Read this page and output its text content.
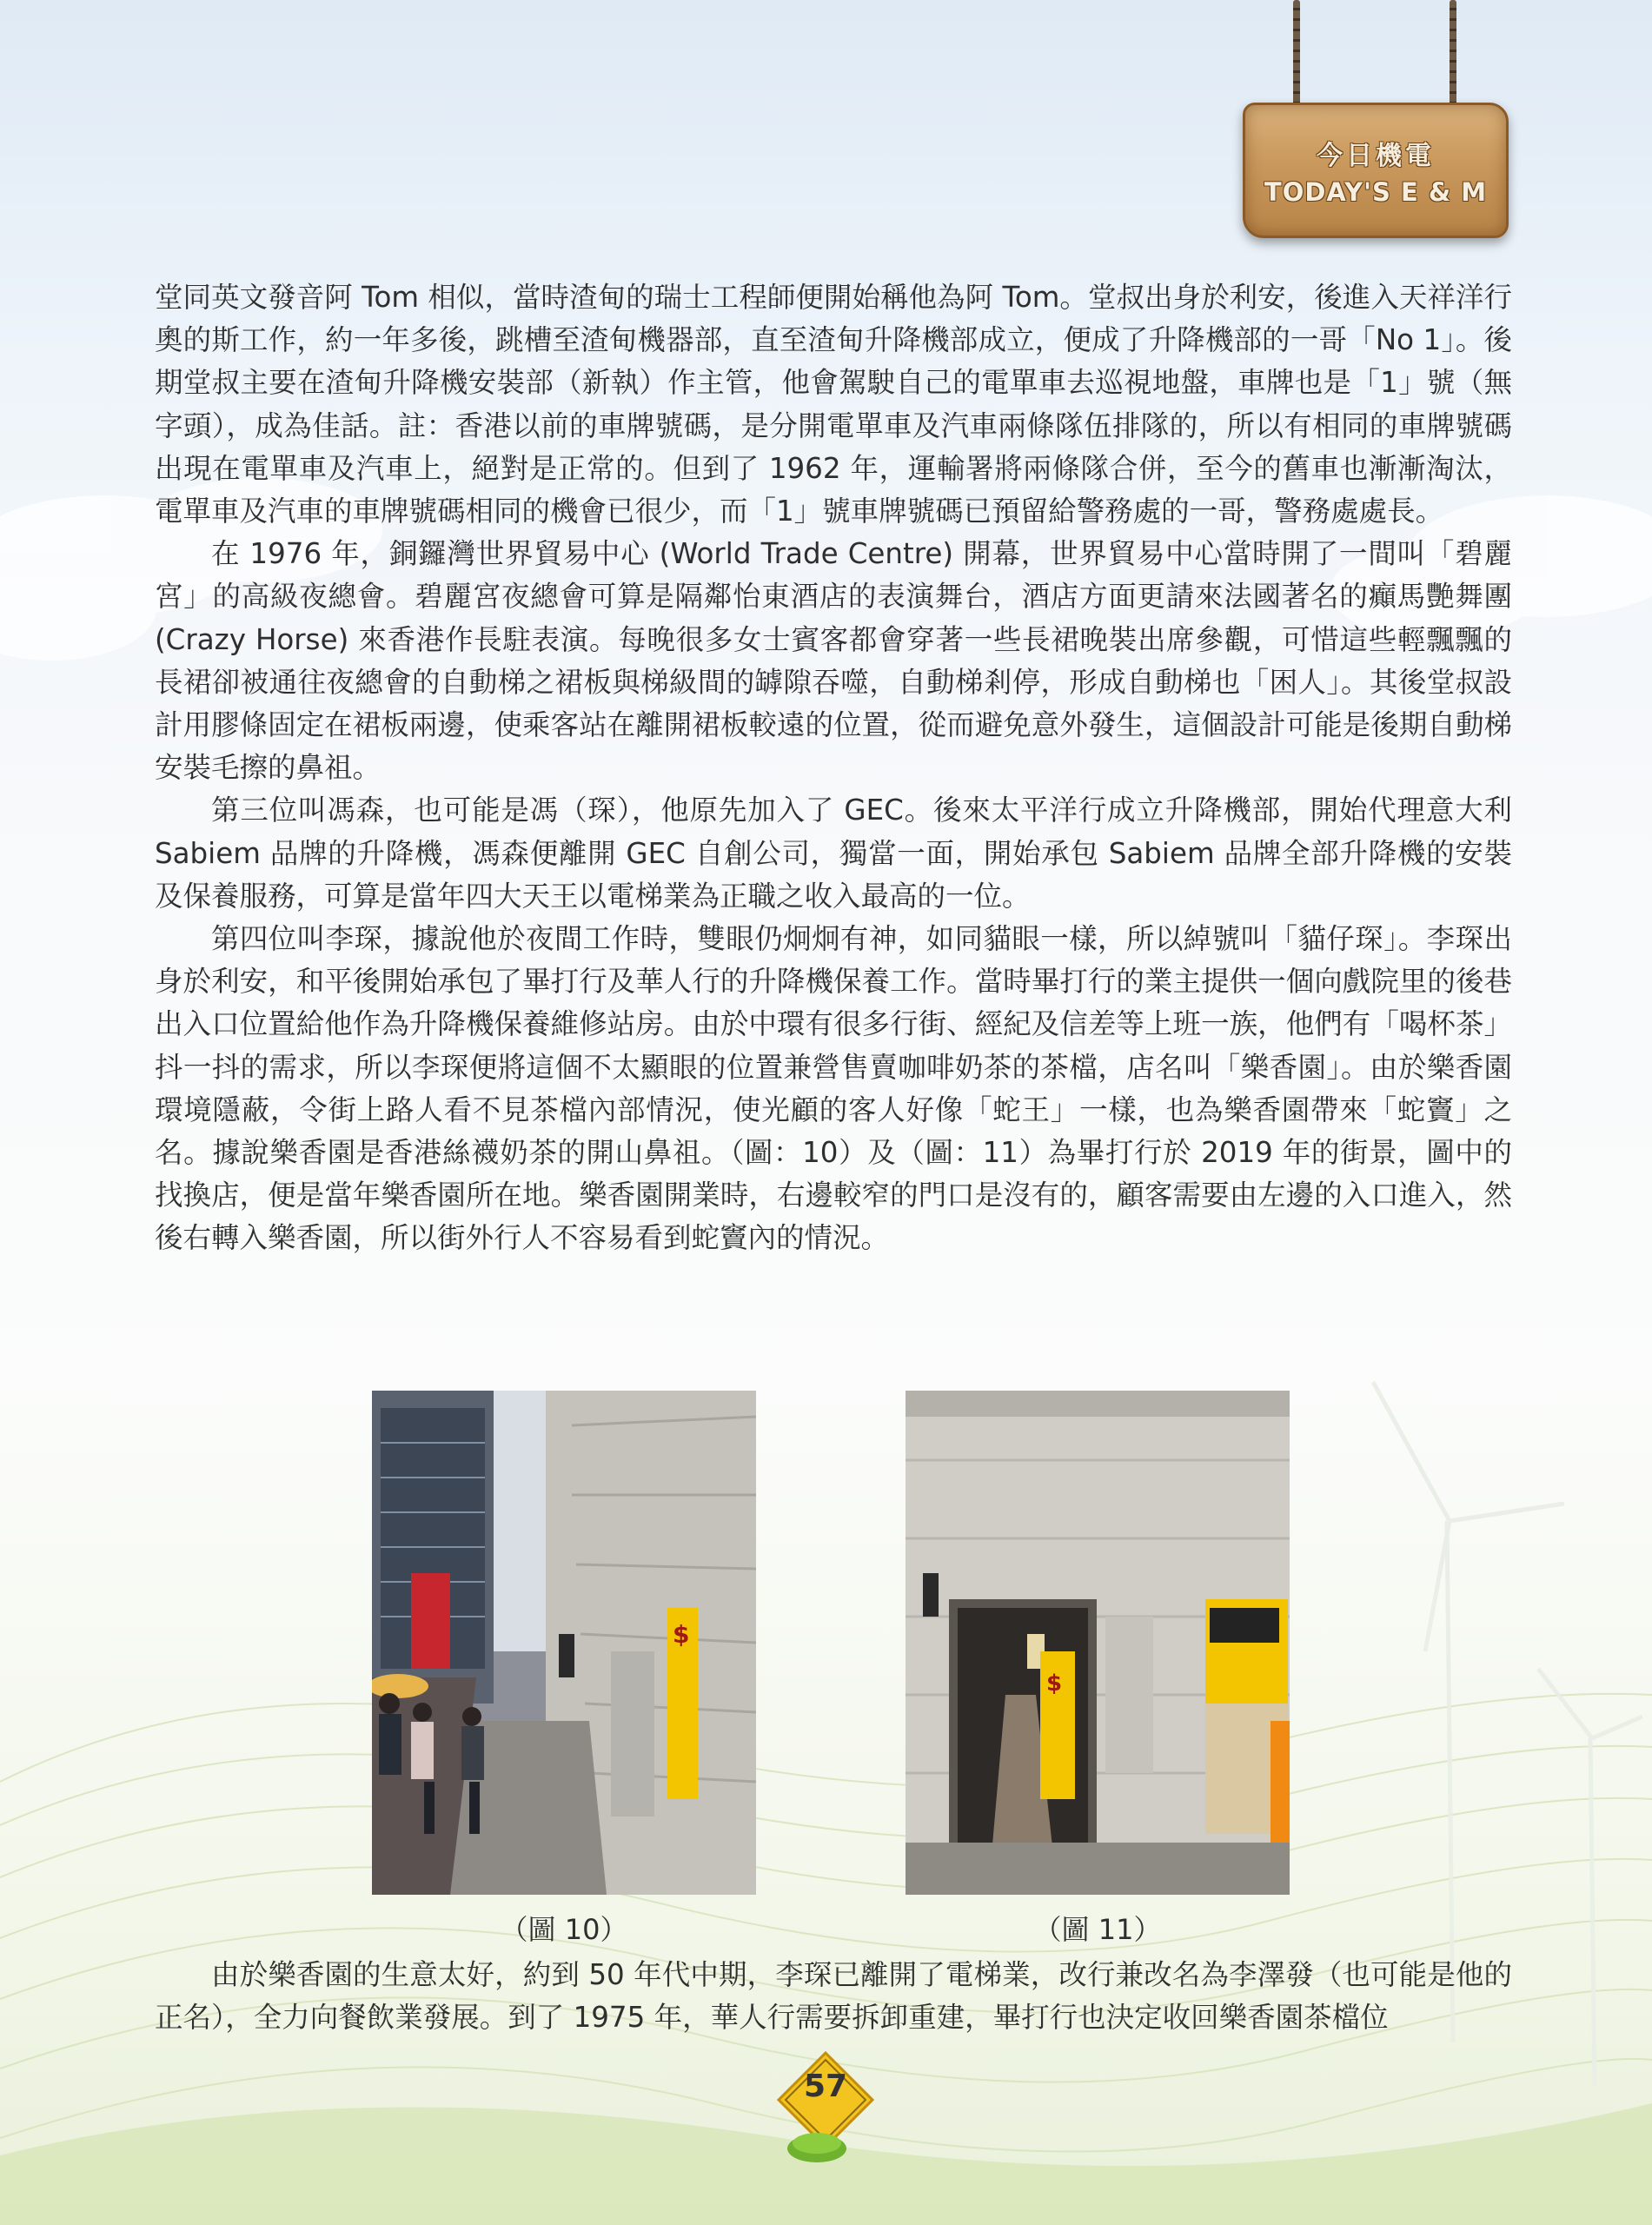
今日機電
TODAY'S E & M

堂同英文發音阿 Tom 相似，當時渣甸的瑞士工程師便開始稱他為阿 Tom。堂叔出身於利安，後進入天祥洋行奧的斯工作，約一年多後，跳槽至渣甸機器部，直至渣甸升降機部成立，便成了升降機部的一哥「No 1」。後期堂叔主要在渣甸升降機安裝部（新執）作主管，他會駕駛自己的電單車去巡視地盤，車牌也是「1」號（無字頭），成為佳話。註：香港以前的車牌號碼，是分開電單車及汽車兩條隊伍排隊的，所以有相同的車牌號碼出現在電單車及汽車上，絕對是正常的。但到了 1962 年，運輸署將兩條隊合併，至今的舊車也漸漸淘汰，電單車及汽車的車牌號碼相同的機會已很少，而「1」號車牌號碼已預留給警務處的一哥，警務處處長。

在 1976 年，銅鑼灣世界貿易中心 (World Trade Centre) 開幕，世界貿易中心當時開了一間叫「碧麗宮」的高級夜總會。碧麗宮夜總會可算是隔鄰怡東酒店的表演舞台，酒店方面更請來法國著名的癲馬艷舞團 (Crazy Horse) 來香港作長駐表演。每晚很多女士賓客都會穿著一些長裙晚裝出席參觀，可惜這些輕飄飄的長裙卻被通往夜總會的自動梯之裙板與梯級間的罅隙吞噬，自動梯剎停，形成自動梯也「困人」。其後堂叔設計用膠條固定在裙板兩邊，使乘客站在離開裙板較遠的位置，從而避免意外發生，這個設計可能是後期自動梯安裝毛擦的鼻祖。

第三位叫馮森，也可能是馮（琛），他原先加入了 GEC。後來太平洋行成立升降機部，開始代理意大利 Sabiem 品牌的升降機，馮森便離開 GEC 自創公司，獨當一面，開始承包 Sabiem 品牌全部升降機的安裝及保養服務，可算是當年四大天王以電梯業為正職之收入最高的一位。

第四位叫李琛，據說他於夜間工作時，雙眼仍炯炯有神，如同貓眼一樣，所以綽號叫「貓仔琛」。李琛出身於利安，和平後開始承包了畢打行及華人行的升降機保養工作。當時畢打行的業主提供一個向戲院里的後巷出入口位置給他作為升降機保養維修站房。由於中環有很多行街、經紀及信差等上班一族，他們有「喝杯茶」抖一抖的需求，所以李琛便將這個不太顯眼的位置兼營售賣咖啡奶茶的茶檔，店名叫「樂香園」。由於樂香園環境隱蔽，令街上路人看不見茶檔內部情況，使光顧的客人好像「蛇王」一樣，也為樂香園帶來「蛇竇」之名。據說樂香園是香港絲襪奶茶的開山鼻祖。（圖：10）及（圖：11）為畢打行於 2019 年的街景，圖中的找換店，便是當年樂香園所在地。樂香園開業時，右邊較窄的門口是沒有的，顧客需要由左邊的入口進入，然後右轉入樂香園，所以街外行人不容易看到蛇竇內的情況。

$
$
（圖 10）	（圖 11）

由於樂香園的生意太好，約到 50 年代中期，李琛已離開了電梯業，改行兼改名為李澤發（也可能是他的正名），全力向餐飲業發展。到了 1975 年，華人行需要拆卸重建，畢打行也決定收回樂香園茶檔位

57
